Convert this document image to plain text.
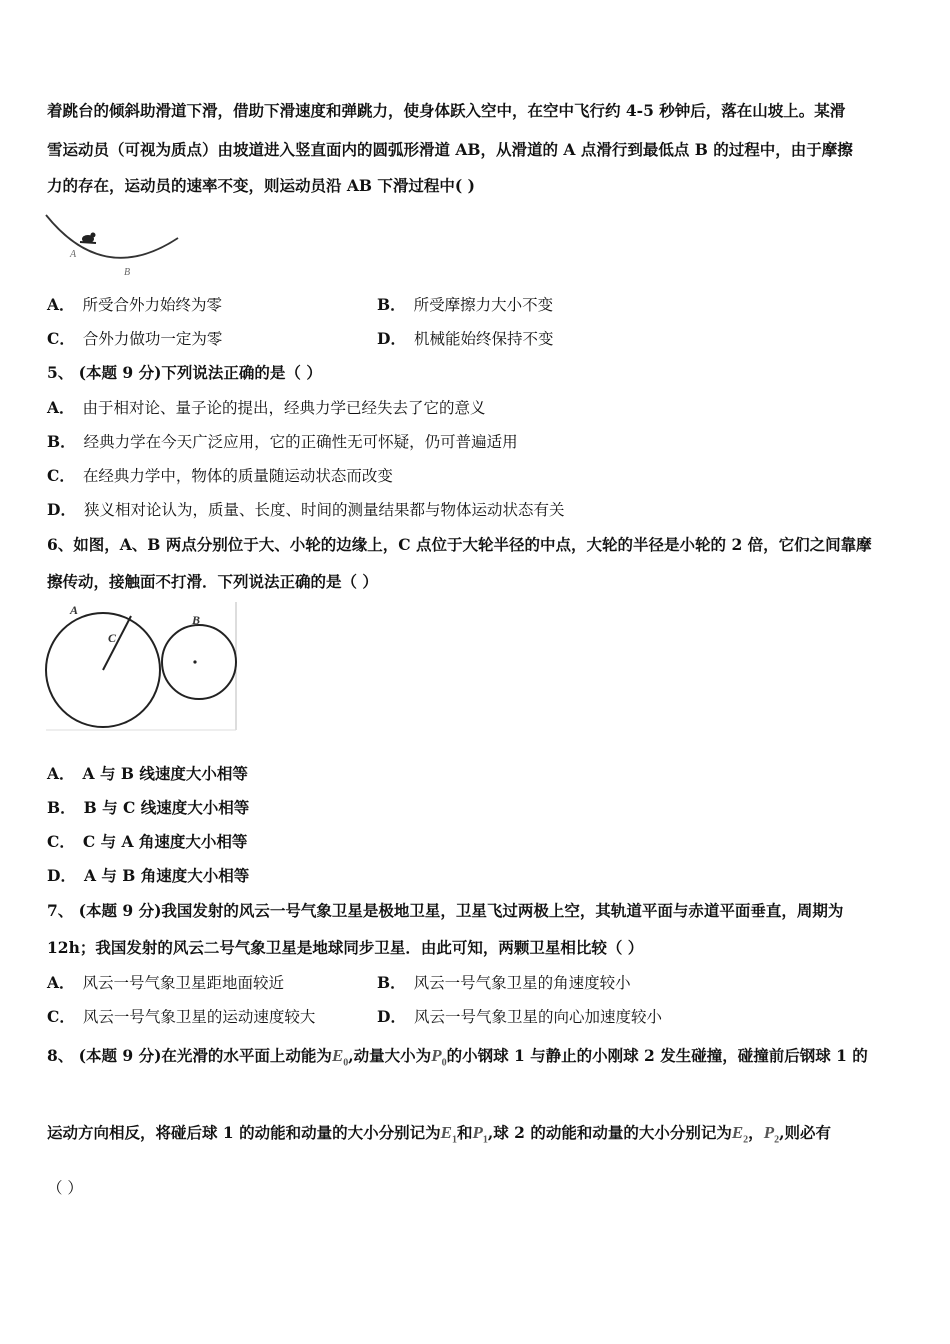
着跳台的倾斜助滑道下滑，借助下滑速度和弹跳力，使身体跃入空中，在空中飞行约 4-5 秒钟后，落在山坡上。某滑
雪运动员（可视为质点）由坡道进入竖直面内的圆弧形滑道 AB，从滑道的 A 点滑行到最低点 B 的过程中，由于摩擦
力的存在，运动员的速率不变，则运动员沿 AB 下滑过程中( )
A
B
A． 所受合外力始终为零	B． 所受摩擦力大小不变
C． 合外力做功一定为零	D． 机械能始终保持不变
5、 (本题 9 分)下列说法正确的是（ ）
A． 由于相对论、量子论的提出，经典力学已经失去了它的意义
B． 经典力学在今天广泛应用，它的正确性无可怀疑，仍可普遍适用
C． 在经典力学中，物体的质量随运动状态而改变
D． 狭义相对论认为，质量、长度、时间的测量结果都与物体运动状态有关
6、如图，A、B 两点分别位于大、小轮的边缘上，C 点位于大轮半径的中点，大轮的半径是小轮的 2 倍，它们之间靠摩
擦传动，接触面不打滑．下列说法正确的是（ ）
A
B
C
A． A 与 B 线速度大小相等
B． B 与 C 线速度大小相等
C． C 与 A 角速度大小相等
D． A 与 B 角速度大小相等
7、 (本题 9 分)我国发射的风云一号气象卫星是极地卫星，卫星飞过两极上空，其轨道平面与赤道平面垂直，周期为
12h；我国发射的风云二号气象卫星是地球同步卫星．由此可知，两颗卫星相比较（ ）
A． 风云一号气象卫星距地面较近	B． 风云一号气象卫星的角速度较小
C． 风云一号气象卫星的运动速度较大	D． 风云一号气象卫星的向心加速度较小
8、 (本题 9 分)在光滑的水平面上动能为$E_0$,动量大小为$P_0$的小钢球 1 与静止的小刚球 2 发生碰撞，碰撞前后钢球 1 的
运动方向相反，将碰后球 1 的动能和动量的大小分别记为$E_1$和$P_1$,球 2 的动能和动量的大小分别记为$E_2$，$P_2$,则必有
（ ）
